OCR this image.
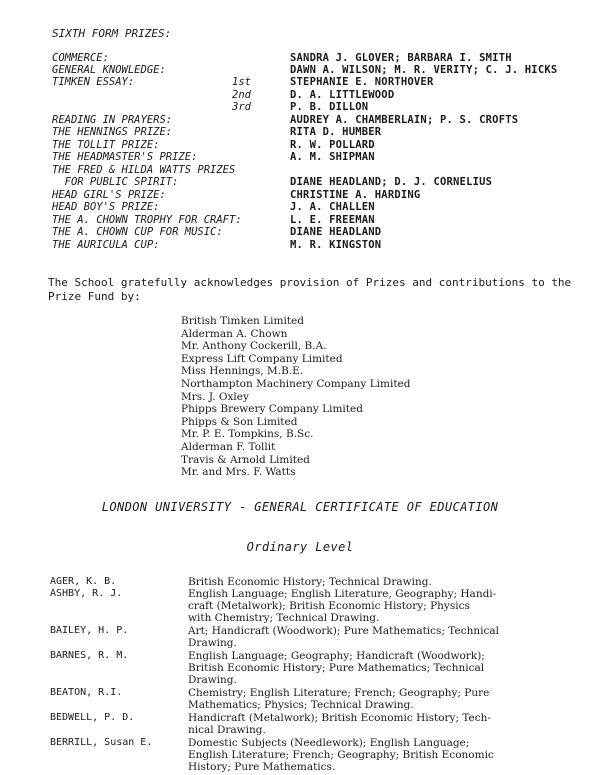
SIXTH FORM PRIZES:
COMMERCE:	SANDRA J. GLOVER; BARBARA I. SMITH
GENERAL KNOWLEDGE:	DAWN A. WILSON; M. R. VERITY; C. J. HICKS
TIMKEN ESSAY:	1st	STEPHANIE E. NORTHOVER
2nd	D. A. LITTLEWOOD
3rd	P. B. DILLON
READING IN PRAYERS:	AUDREY A. CHAMBERLAIN; P. S. CROFTS
THE HENNINGS PRIZE:	RITA D. HUMBER
THE TOLLIT PRIZE:	R. W. POLLARD
THE HEADMASTER'S PRIZE:	A. M. SHIPMAN
THE FRED & HILDA WATTS PRIZES
FOR PUBLIC SPIRIT:	DIANE HEADLAND; D. J. CORNELIUS
HEAD GIRL'S PRIZE:	CHRISTINE A. HARDING
HEAD BOY'S PRIZE:	J. A. CHALLEN
THE A. CHOWN TROPHY FOR CRAFT:	L. E. FREEMAN
THE A. CHOWN CUP FOR MUSIC:	DIANE HEADLAND
THE AURICULA CUP:	M. R. KINGSTON
The School gratefully acknowledges provision of Prizes and contributions to the
Prize Fund by:
British Timken Limited
Alderman A. Chown
Mr. Anthony Cockerill, B.A.
Express Lift Company Limited
Miss Hennings, M.B.E.
Northampton Machinery Company Limited
Mrs. J. Oxley
Phipps Brewery Company Limited
Phipps & Son Limited
Mr. P. E. Tompkins, B.Sc.
Alderman F. Tollit
Travis & Arnold Limited
Mr. and Mrs. F. Watts
LONDON UNIVERSITY - GENERAL CERTIFICATE OF EDUCATION
Ordinary Level
AGER, K. B.	British Economic History; Technical Drawing.
ASHBY, R. J.	English Language; English Literature, Geography; Handi-
craft (Metalwork); British Economic History; Physics
with Chemistry; Technical Drawing.
BAILEY, H. P.	Art; Handicraft (Woodwork); Pure Mathematics; Technical
Drawing.
BARNES, R. M.	English Language; Geography; Handicraft (Woodwork);
British Economic History; Pure Mathematics; Technical
Drawing.
BEATON, R.I.	Chemistry; English Literature; French; Geography; Pure
Mathematics; Physics; Technical Drawing.
BEDWELL, P. D.	Handicraft (Metalwork); British Economic History; Tech-
nical Drawing.
BERRILL, Susan E.	Domestic Subjects (Needlework); English Language;
English Literature; French; Geography; British Economic
History; Pure Mathematics.
